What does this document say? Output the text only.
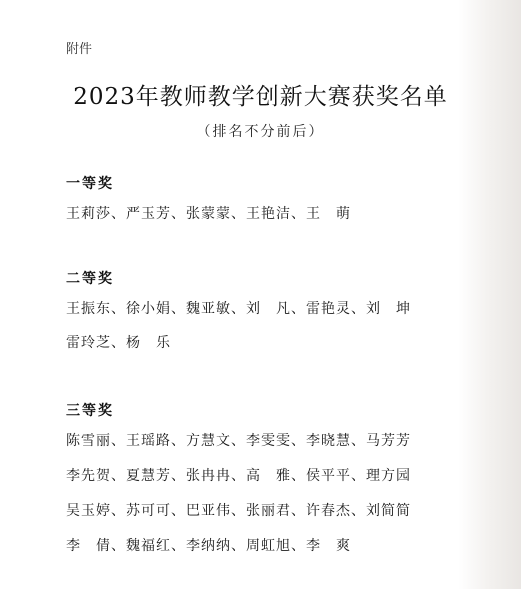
附件
2023年教师教学创新大赛获奖名单
（排名不分前后）
一等奖
王莉莎、严玉芳、张蒙蒙、王艳洁、王　萌
二等奖
王振东、徐小娟、魏亚敏、刘　凡、雷艳灵、刘　坤
雷玲芝、杨　乐
三等奖
陈雪丽、王瑶路、方慧文、李雯雯、李晓慧、马芳芳
李先贺、夏慧芳、张冉冉、高　雅、侯平平、理方园
吴玉婷、苏可可、巴亚伟、张丽君、许春杰、刘简简
李　倩、魏福红、李纳纳、周虹旭、李　爽
